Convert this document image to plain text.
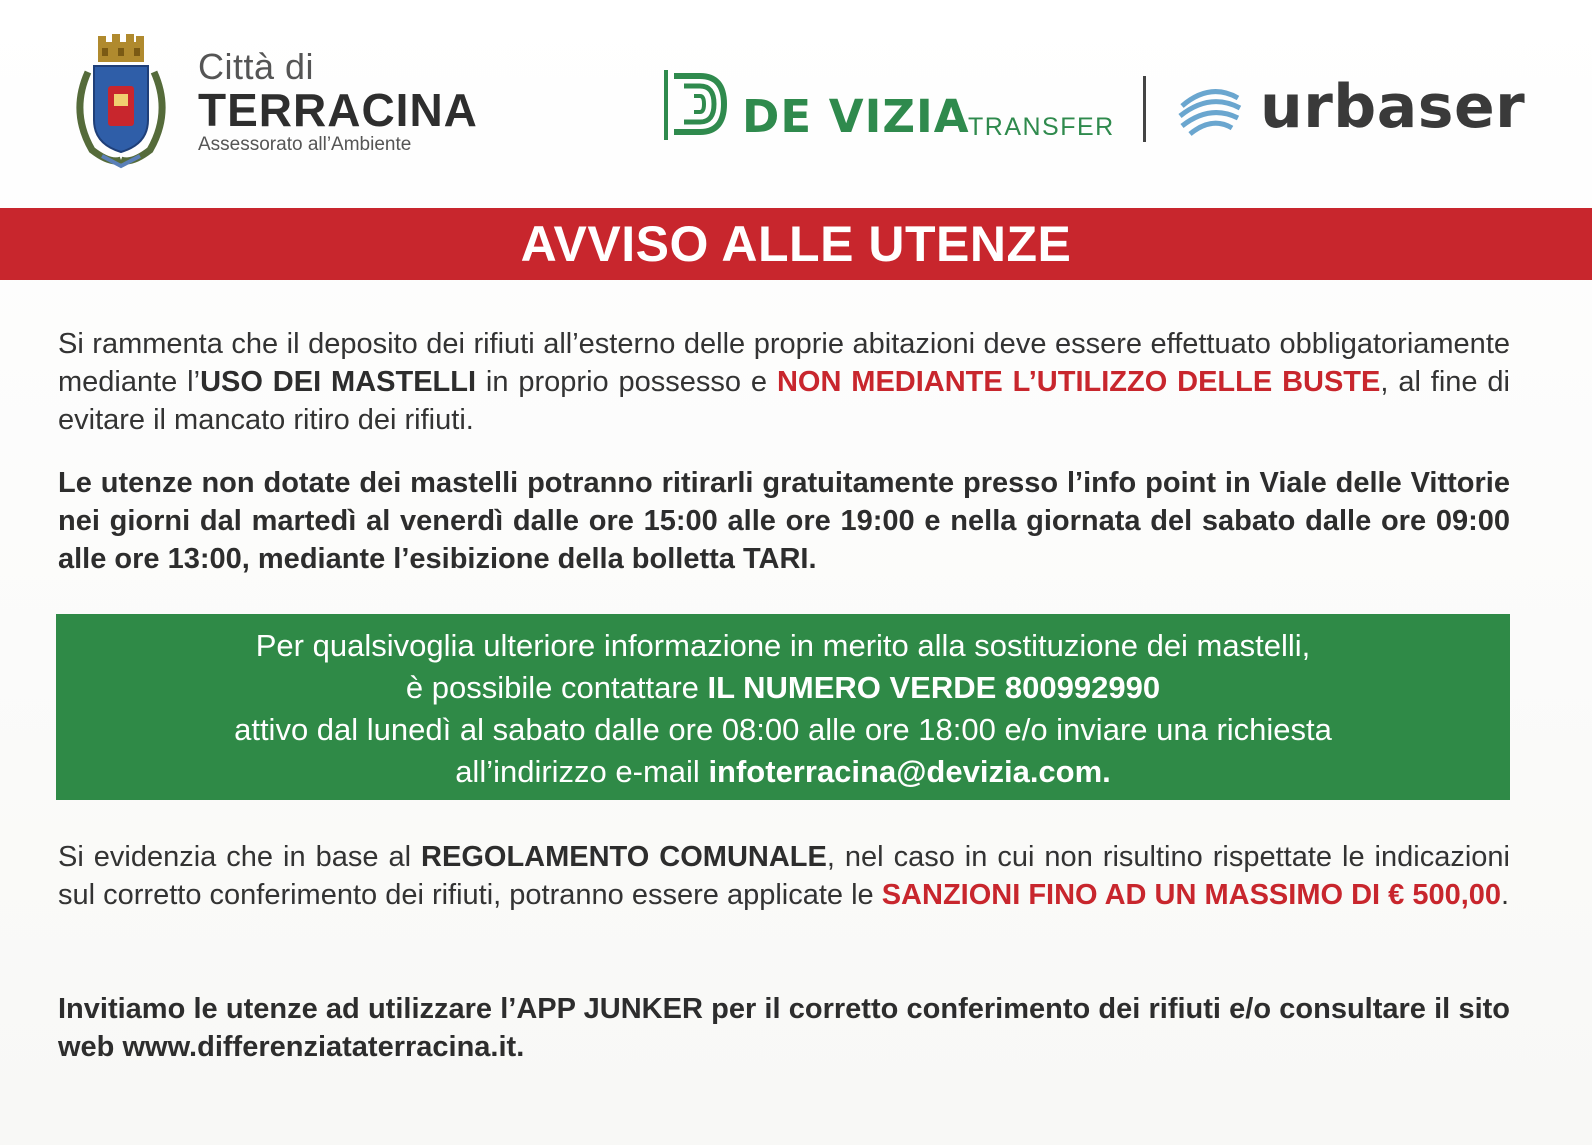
Città di
TERRACINA
Assessorato all’Ambiente
DE VIZIA
TRANSFER urbaser
AVVISO ALLE UTENZE
Si rammenta che il deposito dei rifiuti all’esterno delle proprie abitazioni deve essere effettuato obbligatoriamente mediante l’USO DEI MASTELLI in proprio possesso e NON MEDIANTE L’UTILIZZO DELLE BUSTE, al fine di evitare il mancato ritiro dei rifiuti.
Le utenze non dotate dei mastelli potranno ritirarli gratuitamente presso l’info point in Viale delle Vittorie nei giorni dal martedì al venerdì dalle ore 15:00 alle ore 19:00 e nella giornata del sabato dalle ore 09:00 alle ore 13:00, mediante l’esibizione della bolletta TARI.
Per qualsivoglia ulteriore informazione in merito alla sostituzione dei mastelli,
è possibile contattare IL NUMERO VERDE 800992990
attivo dal lunedì al sabato dalle ore 08:00 alle ore 18:00 e/o inviare una richiesta
all’indirizzo e-mail infoterracina@devizia.com.
Si evidenzia che in base al REGOLAMENTO COMUNALE, nel caso in cui non risultino rispettate le indicazioni sul corretto conferimento dei rifiuti, potranno essere applicate le SANZIONI FINO AD UN MASSIMO DI € 500,00.
Invitiamo le utenze ad utilizzare l’APP JUNKER per il corretto conferimento dei rifiuti e/o consultare il sito web www.differenziataterracina.it.
